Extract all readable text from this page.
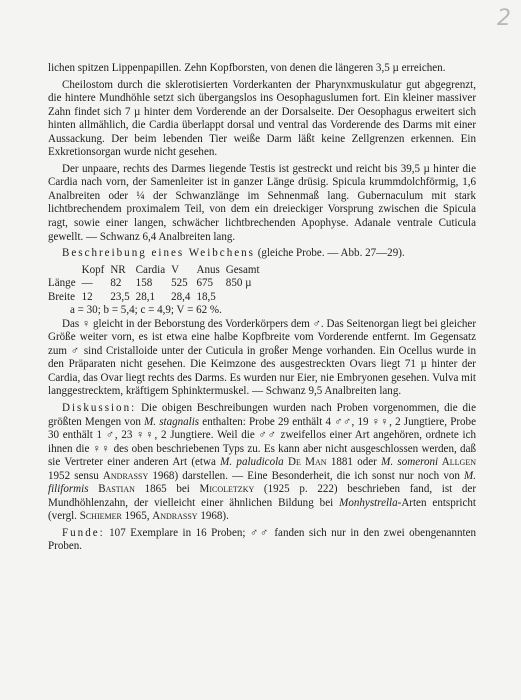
2

lichen spitzen Lippenpapillen. Zehn Kopfborsten, von denen die längeren 3,5 µ erreichen.

Cheilostom durch die sklerotisierten Vorderkanten der Pharynxmuskulatur gut abgegrenzt, die hintere Mundhöhle setzt sich übergangslos ins Oesophaguslumen fort. Ein kleiner massiver Zahn findet sich 7 µ hinter dem Vorderende an der Dorsalseite. Der Oesophagus erweitert sich hinten allmählich, die Cardia überlappt dorsal und ventral das Vorderende des Darms mit einer Aussackung. Der beim lebenden Tier weiße Darm läßt keine Zellgrenzen erkennen. Ein Exkretionsorgan wurde nicht gesehen.

Der unpaare, rechts des Darmes liegende Testis ist gestreckt und reicht bis 39,5 µ hinter die Cardia nach vorn, der Samenleiter ist in ganzer Länge drüsig. Spicula krummdolchförmig, 1,6 Analbreiten oder ¼ der Schwanzlänge im Sehnenmaß lang. Gubernaculum mit stark lichtbrechendem proximalem Teil, von dem ein dreieckiger Vorsprung zwischen die Spicula ragt, sowie einer langen, schwächer lichtbrechenden Apophyse. Adanale ventrale Cuticula gewellt. — Schwanz 6,4 Analbreiten lang.

Beschreibung eines Weibchens (gleiche Probe. — Abb. 27—29).

	Kopf	NR	Cardia	V	Anus	Gesamt
Länge	—	82	158	525	675	850 µ
Breite	12	23,5	28,1	28,4	18,5	
a = 30; b = 5,4; c = 4,9; V = 62 %.

Das ♀ gleicht in der Beborstung des Vorderkörpers dem ♂. Das Seitenorgan liegt bei gleicher Größe weiter vorn, es ist etwa eine halbe Kopfbreite vom Vorderende entfernt. Im Gegensatz zum ♂ sind Cristalloide unter der Cuticula in großer Menge vorhanden. Ein Ocellus wurde in den Präparaten nicht gesehen. Die Keimzone des ausgestreckten Ovars liegt 71 µ hinter der Cardia, das Ovar liegt rechts des Darms. Es wurden nur Eier, nie Embryonen gesehen. Vulva mit langgestrecktem, kräftigem Sphinktermuskel. — Schwanz 9,5 Analbreiten lang.

Diskussion: Die obigen Beschreibungen wurden nach Proben vorgenommen, die die größten Mengen von M. stagnalis enthalten: Probe 29 enthält 4 ♂♂, 19 ♀♀, 2 Jungtiere, Probe 30 enthält 1 ♂, 23 ♀♀, 2 Jungtiere. Weil die ♂♂ zweifellos einer Art angehören, ordnete ich ihnen die ♀♀ des oben beschriebenen Typs zu. Es kann aber nicht ausgeschlossen werden, daß sie Vertreter einer anderen Art (etwa M. paludicola De Man 1881 oder M. someroni Allgen 1952 sensu Andrassy 1968) darstellen. — Eine Besonderheit, die ich sonst nur noch von M. filiformis Bastian 1865 bei Micoletzky (1925 p. 222) beschrieben fand, ist der Mundhöhlenzahn, der vielleicht einer ähnlichen Bildung bei Monhystrella-Arten entspricht (vergl. Schiemer 1965, Andrassy 1968).

Funde: 107 Exemplare in 16 Proben; ♂♂ fanden sich nur in den zwei obengenannten Proben.
